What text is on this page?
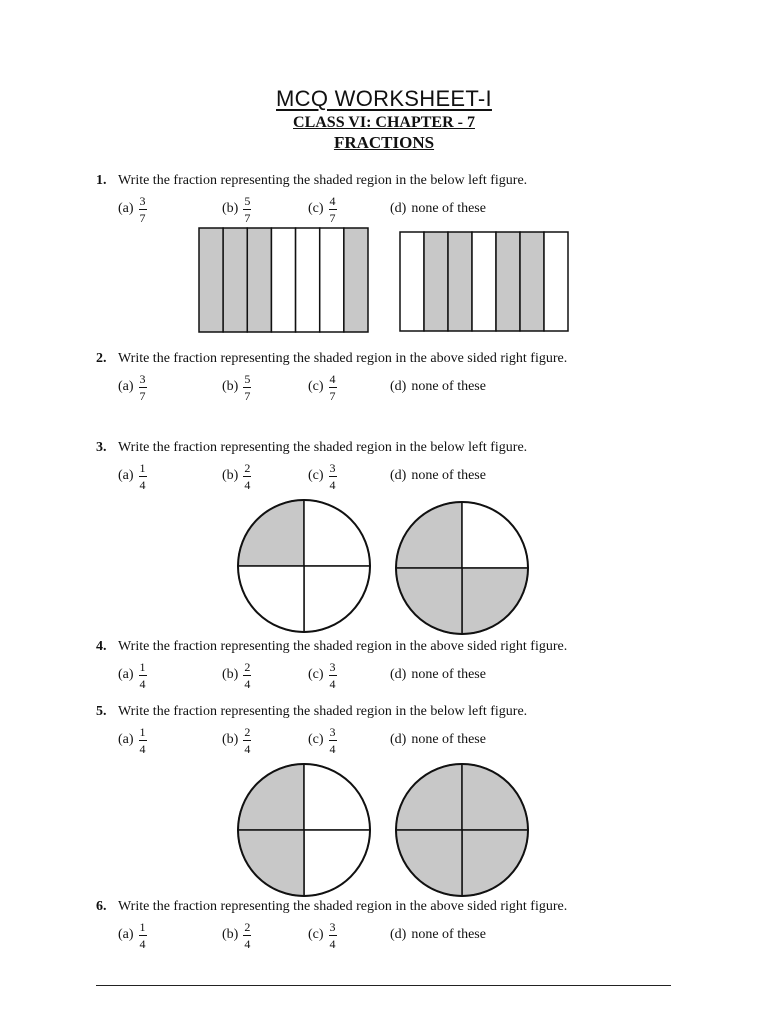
MCQ WORKSHEET-I
CLASS VI: CHAPTER - 7
FRACTIONS
1. Write the fraction representing the shaded region in the below left figure.
$(a) \frac{3}{7}$	$(b) \frac{5}{7}$	$(c) \frac{4}{7}$	(d) none of these
2. Write the fraction representing the shaded region in the above sided right figure.
$(a) \frac{3}{7}$	$(b) \frac{5}{7}$	$(c) \frac{4}{7}$	(d) none of these
3. Write the fraction representing the shaded region in the below left figure.
$(a) \frac{1}{4}$	$(b) \frac{2}{4}$	$(c) \frac{3}{4}$	(d) none of these
4. Write the fraction representing the shaded region in the above sided right figure.
$(a) \frac{1}{4}$	$(b) \frac{2}{4}$	$(c) \frac{3}{4}$	(d) none of these
5. Write the fraction representing the shaded region in the below left figure.
$(a) \frac{1}{4}$	$(b) \frac{2}{4}$	$(c) \frac{3}{4}$	(d) none of these
6. Write the fraction representing the shaded region in the above sided right figure.
$(a) \frac{1}{4}$	$(b) \frac{2}{4}$	$(c) \frac{3}{4}$	(d) none of these
